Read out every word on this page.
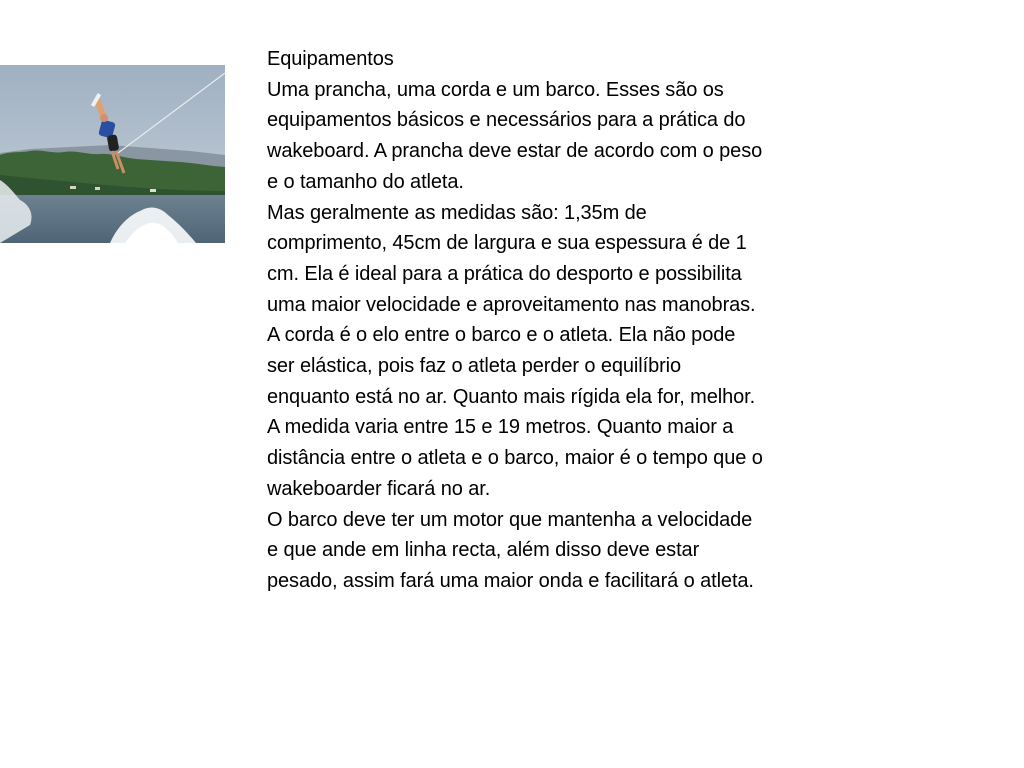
Equipamentos

Uma prancha, uma corda e um barco. Esses são os equipamentos básicos e necessários para a prática do wakeboard. A prancha deve estar de acordo com o peso e o tamanho do atleta.

Mas geralmente as medidas são: 1,35m de comprimento, 45cm de largura e sua espessura é de 1 cm. Ela é ideal para a prática do desporto e possibilita uma maior velocidade e aproveitamento nas manobras.

A corda é o elo entre o barco e o atleta. Ela não pode ser elástica, pois faz o atleta perder o equilíbrio enquanto está no ar. Quanto mais rígida ela for, melhor. A medida varia entre 15 e 19 metros. Quanto maior a distância entre o atleta e o barco, maior é o tempo que o wakeboarder ficará no ar.

O barco deve ter um motor que mantenha a velocidade e que ande em linha recta, além disso deve estar pesado, assim fará uma maior onda e facilitará o atleta.
